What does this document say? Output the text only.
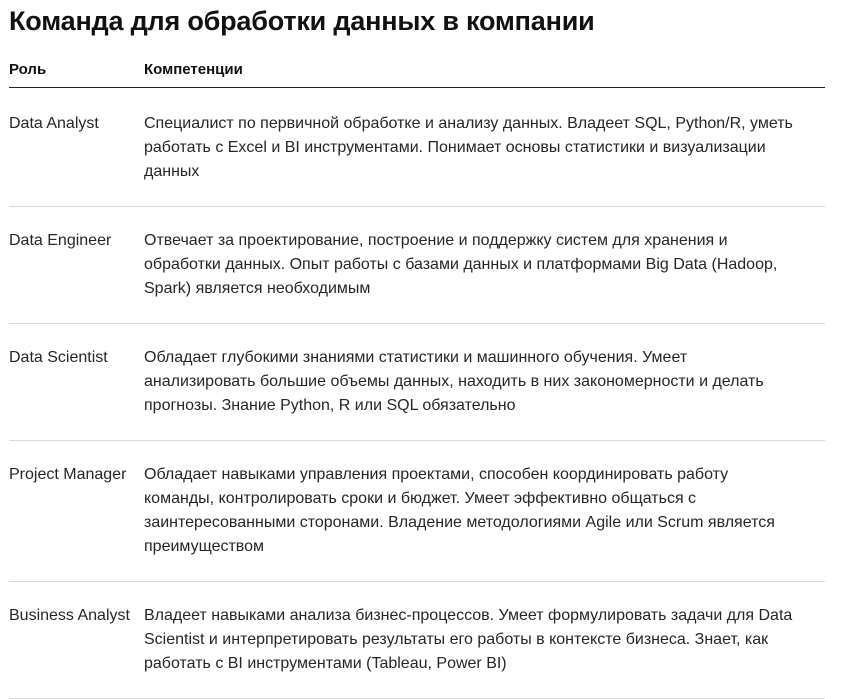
Команда для обработки данных в компании
Роль	Компетенции
Data Analyst	Специалист по первичной обработке и анализу данных. Владеет SQL, Python/R, уметь работать с Excel и BI инструментами. Понимает основы статистики и визуализации данных
Data Engineer	Отвечает за проектирование, построение и поддержку систем для хранения и обработки данных. Опыт работы с базами данных и платформами Big Data (Hadoop, Spark) является необходимым
Data Scientist	Обладает глубокими знаниями статистики и машинного обучения. Умеет анализировать большие объемы данных, находить в них закономерности и делать прогнозы. Знание Python, R или SQL обязательно
Project Manager	Обладает навыками управления проектами, способен координировать работу команды, контролировать сроки и бюджет. Умеет эффективно общаться с заинтересованными сторонами. Владение методологиями Agile или Scrum является преимуществом
Business Analyst	Владеет навыками анализа бизнес-процессов. Умеет формулировать задачи для Data Scientist и интерпретировать результаты его работы в контексте бизнеса. Знает, как работать с BI инструментами (Tableau, Power BI)
